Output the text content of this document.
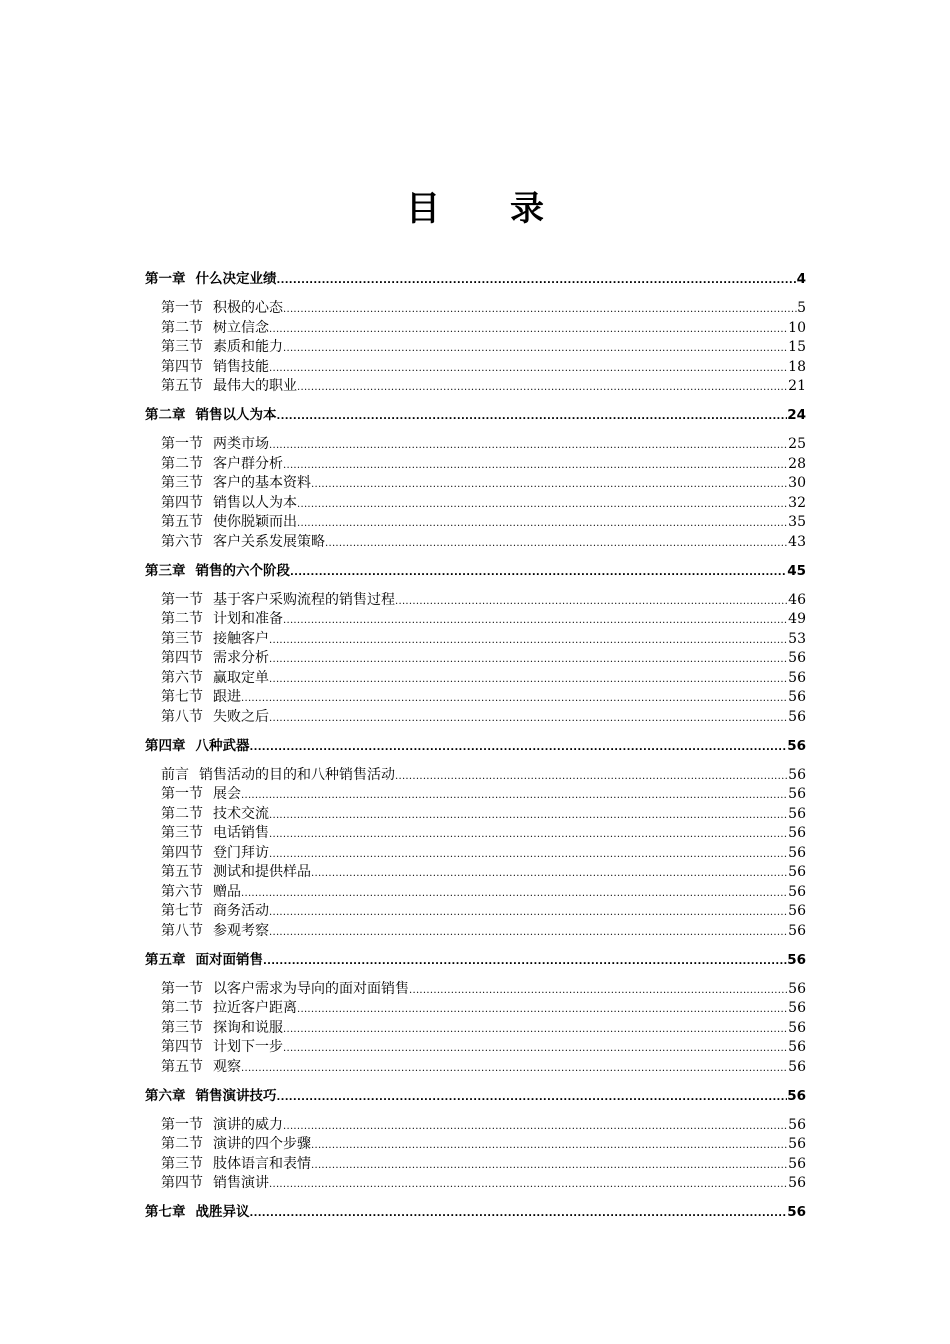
目录
第一章 什么决定业绩 .....	4
第一节 积极的心态 .....	5
第二节 树立信念 .....	10
第三节 素质和能力 .....	15
第四节 销售技能 .....	18
第五节 最伟大的职业 .....	21
第二章 销售以人为本 .....	24
第一节 两类市场 .....	25
第二节 客户群分析 .....	28
第三节 客户的基本资料 .....	30
第四节 销售以人为本 .....	32
第五节 使你脱颖而出 .....	35
第六节 客户关系发展策略 .....	43
第三章 销售的六个阶段 .....	45
第一节 基于客户采购流程的销售过程 .....	46
第二节 计划和准备 .....	49
第三节 接触客户 .....	53
第四节 需求分析 .....	56
第六节 赢取定单 .....	56
第七节 跟进 .....	56
第八节 失败之后 .....	56
第四章 八种武器 .....	56
前言 销售活动的目的和八种销售活动 .....	56
第一节 展会 .....	56
第二节 技术交流 .....	56
第三节 电话销售 .....	56
第四节 登门拜访 .....	56
第五节 测试和提供样品 .....	56
第六节 赠品 .....	56
第七节 商务活动 .....	56
第八节 参观考察 .....	56
第五章 面对面销售 .....	56
第一节 以客户需求为导向的面对面销售 .....	56
第二节 拉近客户距离 .....	56
第三节 探询和说服 .....	56
第四节 计划下一步 .....	56
第五节 观察 .....	56
第六章 销售演讲技巧 .....	56
第一节 演讲的威力 .....	56
第二节 演讲的四个步骤 .....	56
第三节 肢体语言和表情 .....	56
第四节 销售演讲 .....	56
第七章 战胜异议 .....	56
